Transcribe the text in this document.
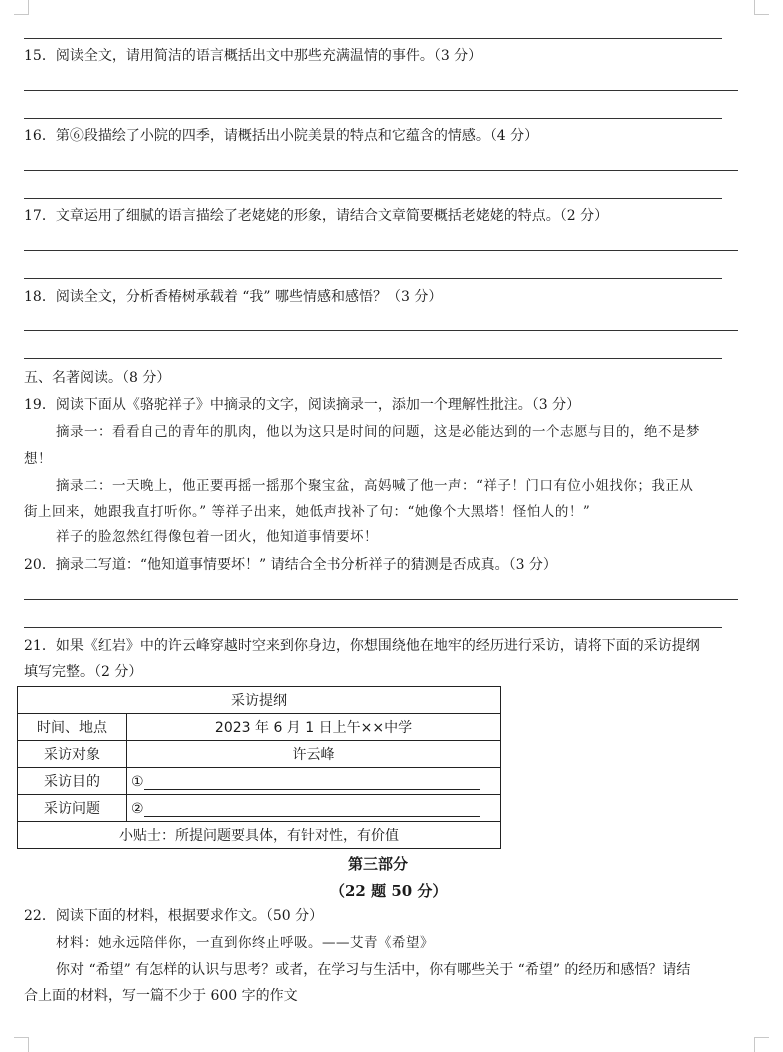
15．阅读全文，请用简洁的语言概括出文中那些充满温情的事件。（3 分）
16．第⑥段描绘了小院的四季，请概括出小院美景的特点和它蕴含的情感。（4 分）
17．文章运用了细腻的语言描绘了老姥姥的形象，请结合文章简要概括老姥姥的特点。（2 分）
18．阅读全文，分析香椿树承载着 “我” 哪些情感和感悟？（3 分）
五、名著阅读。（8 分）
19．阅读下面从《骆驼祥子》中摘录的文字，阅读摘录一，添加一个理解性批注。（3 分）
摘录一：看看自己的青年的肌肉，他以为这只是时间的问题，这是必能达到的一个志愿与目的，绝不是梦
想！
摘录二：一天晚上，他正要再摇一摇那个聚宝盆，高妈喊了他一声：“祥子！门口有位小姐找你；我正从
街上回来，她跟我直打听你。” 等祥子出来，她低声找补了句：“她像个大黑塔！怪怕人的！”
祥子的脸忽然红得像包着一团火，他知道事情要坏！
20．摘录二写道：“他知道事情要坏！” 请结合全书分析祥子的猜测是否成真。（3 分）
21．如果《红岩》中的许云峰穿越时空来到你身边，你想围绕他在地牢的经历进行采访，请将下面的采访提纲
填写完整。（2 分）
采访提纲	
时间、地点	2023 年 6 月 1 日上午××中学
采访对象	许云峰
采访目的	①
采访问题	②
小贴士：所提问题要具体，有针对性，有价值	
第三部分
（22 题 50 分）
22．阅读下面的材料，根据要求作文。（50 分）
材料：她永远陪伴你，一直到你终止呼吸。——艾青《希望》
你对 “希望” 有怎样的认识与思考？或者，在学习与生活中，你有哪些关于 “希望” 的经历和感悟？请结
合上面的材料，写一篇不少于 600 字的作文
